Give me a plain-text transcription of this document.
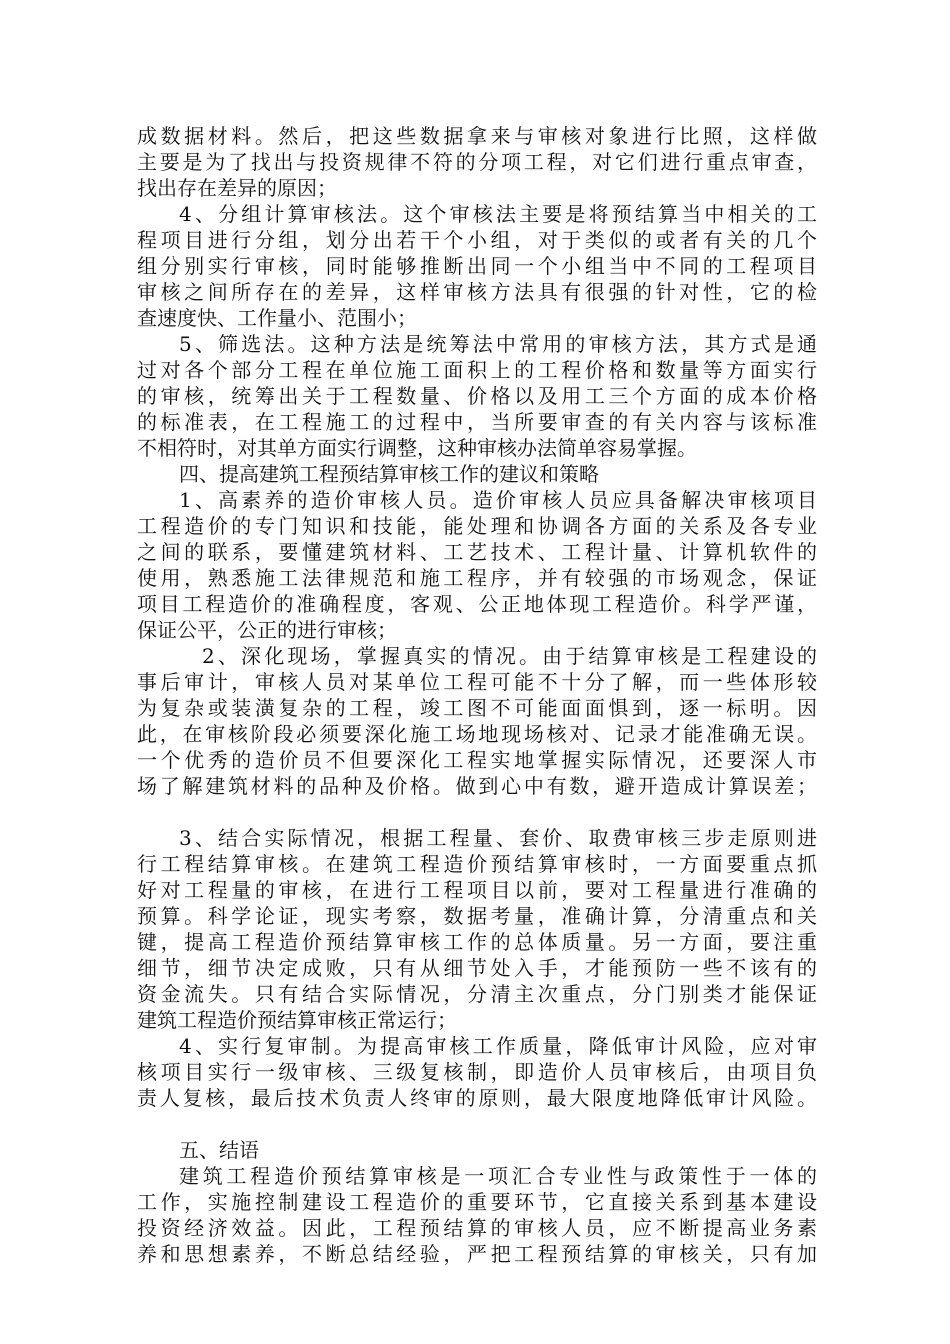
成数据材料。然后，把这些数据拿来与审核对象进行比照，这样做
主要是为了找出与投资规律不符的分项工程，对它们进行重点审查，
找出存在差异的原因；
4、分组计算审核法。这个审核法主要是将预结算当中相关的工
程项目进行分组，划分出若干个小组，对于类似的或者有关的几个
组分别实行审核，同时能够推断出同一个小组当中不同的工程项目
审核之间所存在的差异，这样审核方法具有很强的针对性，它的检
查速度快、工作量小、范围小；
5、筛选法。这种方法是统筹法中常用的审核方法，其方式是通
过对各个部分工程在单位施工面积上的工程价格和数量等方面实行
的审核，统筹出关于工程数量、价格以及用工三个方面的成本价格
的标准表，在工程施工的过程中，当所要审查的有关内容与该标准
不相符时，对其单方面实行调整，这种审核办法简单容易掌握。
四、提高建筑工程预结算审核工作的建议和策略
1、高素养的造价审核人员。造价审核人员应具备解决审核项目
工程造价的专门知识和技能，能处理和协调各方面的关系及各专业
之间的联系，要懂建筑材料、工艺技术、工程计量、计算机软件的
使用，熟悉施工法律规范和施工程序，并有较强的市场观念，保证
项目工程造价的准确程度，客观、公正地体现工程造价。科学严谨，
保证公平，公正的进行审核；
2、深化现场，掌握真实的情况。由于结算审核是工程建设的
事后审计，审核人员对某单位工程可能不十分了解，而一些体形较
为复杂或装潢复杂的工程，竣工图不可能面面惧到，逐一标明。因
此，在审核阶段必须要深化施工场地现场核对、记录才能准确无误。
一个优秀的造价员不但要深化工程实地掌握实际情况，还要深人市
场了解建筑材料的品种及价格。做到心中有数，避开造成计算误差；
3、结合实际情况，根据工程量、套价、取费审核三步走原则进
行工程结算审核。在建筑工程造价预结算审核时，一方面要重点抓
好对工程量的审核，在进行工程项目以前，要对工程量进行准确的
预算。科学论证，现实考察，数据考量，准确计算，分清重点和关
键，提高工程造价预结算审核工作的总体质量。另一方面，要注重
细节，细节决定成败，只有从细节处入手，才能预防一些不该有的
资金流失。只有结合实际情况，分清主次重点，分门别类才能保证
建筑工程造价预结算审核正常运行；
4、实行复审制。为提高审核工作质量，降低审计风险，应对审
核项目实行一级审核、三级复核制，即造价人员审核后，由项目负
责人复核，最后技术负责人终审的原则，最大限度地降低审计风险。
五、结语
建筑工程造价预结算审核是一项汇合专业性与政策性于一体的
工作，实施控制建设工程造价的重要环节，它直接关系到基本建设
投资经济效益。因此，工程预结算的审核人员，应不断提高业务素
养和思想素养，不断总结经验，严把工程预结算的审核关，只有加
